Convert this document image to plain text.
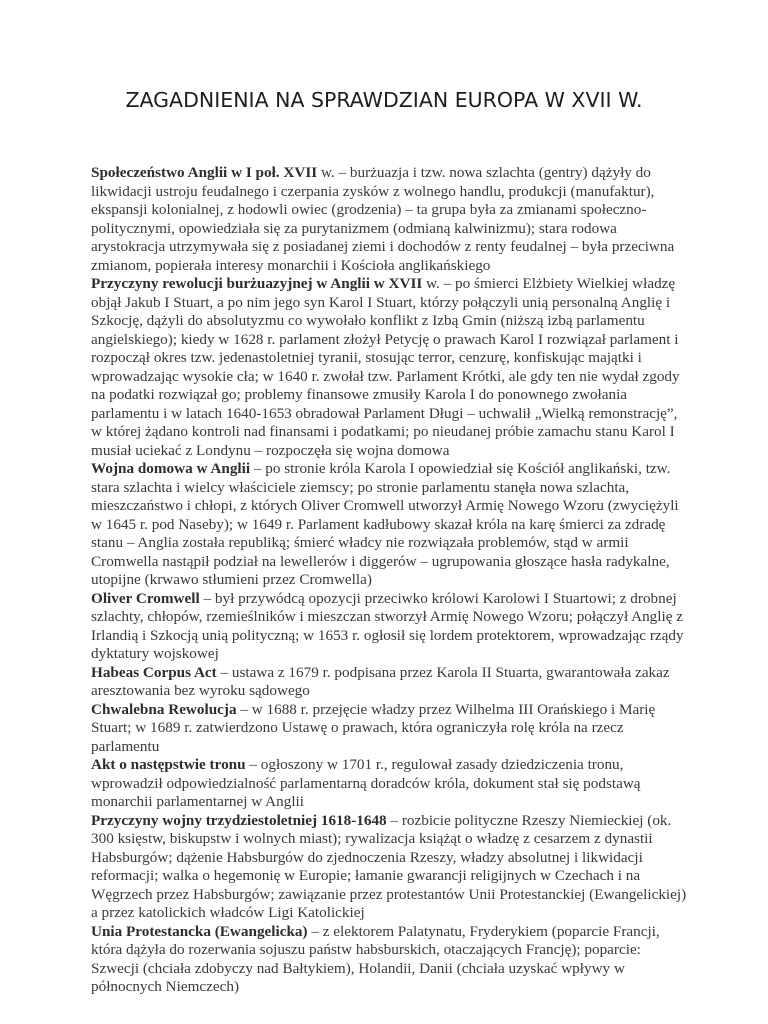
ZAGADNIENIA NA SPRAWDZIAN EUROPA W XVII W.

Społeczeństwo Anglii w I poł. XVII w. – burżuazja i tzw. nowa szlachta (gentry) dążyły do likwidacji ustroju feudalnego i czerpania zysków z wolnego handlu, produkcji (manufaktur), ekspansji kolonialnej, z hodowli owiec (grodzenia) – ta grupa była za zmianami społeczno-politycznymi, opowiedziała się za purytanizmem (odmianą kalwinizmu); stara rodowa arystokracja utrzymywała się z posiadanej ziemi i dochodów z renty feudalnej – była przeciwna zmianom, popierała interesy monarchii i Kościoła anglikańskiego

Przyczyny rewolucji burżuazyjnej w Anglii w XVII w. – po śmierci Elżbiety Wielkiej władzę objął Jakub I Stuart, a po nim jego syn Karol I Stuart, którzy połączyli unią personalną Anglię i Szkocję, dążyli do absolutyzmu co wywołało konflikt z Izbą Gmin (niższą izbą parlamentu angielskiego); kiedy w 1628 r. parlament złożył Petycję o prawach Karol I rozwiązał parlament i rozpoczął okres tzw. jedenastoletniej tyranii, stosując terror, cenzurę, konfiskując majątki i wprowadzając wysokie cła; w 1640 r. zwołał tzw. Parlament Krótki, ale gdy ten nie wydał zgody na podatki rozwiązał go; problemy finansowe zmusiły Karola I do ponownego zwołania parlamentu i w latach 1640-1653 obradował Parlament Długi – uchwalił „Wielką remonstrację”, w której żądano kontroli nad finansami i podatkami; po nieudanej próbie zamachu stanu Karol I musiał uciekać z Londynu – rozpoczęła się wojna domowa

Wojna domowa w Anglii – po stronie króla Karola I opowiedział się Kościół anglikański, tzw. stara szlachta i wielcy właściciele ziemscy; po stronie parlamentu stanęła nowa szlachta, mieszczaństwo i chłopi, z których Oliver Cromwell utworzył Armię Nowego Wzoru (zwyciężyli w 1645 r. pod Naseby); w 1649 r. Parlament kadłubowy skazał króla na karę śmierci za zdradę stanu – Anglia została republiką; śmierć władcy nie rozwiązała problemów, stąd w armii Cromwella nastąpił podział na lewellerów i diggerów – ugrupowania głoszące hasła radykalne, utopijne (krwawo stłumieni przez Cromwella)

Oliver Cromwell – był przywódcą opozycji przeciwko królowi Karolowi I Stuartowi; z drobnej szlachty, chłopów, rzemieślników i mieszczan stworzył Armię Nowego Wzoru; połączył Anglię z Irlandią i Szkocją unią polityczną; w 1653 r. ogłosił się lordem protektorem, wprowadzając rządy dyktatury wojskowej

Habeas Corpus Act – ustawa z 1679 r. podpisana przez Karola II Stuarta, gwarantowała zakaz aresztowania bez wyroku sądowego

Chwalebna Rewolucja – w 1688 r. przejęcie władzy przez Wilhelma III Orańskiego i Marię Stuart; w 1689 r. zatwierdzono Ustawę o prawach, która ograniczyła rolę króla na rzecz parlamentu

Akt o następstwie tronu – ogłoszony w 1701 r., regulował zasady dziedziczenia tronu, wprowadził odpowiedzialność parlamentarną doradców króla, dokument stał się podstawą monarchii parlamentarnej w Anglii

Przyczyny wojny trzydziestoletniej 1618-1648 – rozbicie polityczne Rzeszy Niemieckiej (ok. 300 księstw, biskupstw i wolnych miast); rywalizacja książąt o władzę z cesarzem z dynastii Habsburgów; dążenie Habsburgów do zjednoczenia Rzeszy, władzy absolutnej i likwidacji reformacji; walka o hegemonię w Europie; łamanie gwarancji religijnych w Czechach i na Węgrzech przez Habsburgów; zawiązanie przez protestantów Unii Protestanckiej (Ewangelickiej) a przez katolickich władców Ligi Katolickiej

Unia Protestancka (Ewangelicka) – z elektorem Palatynatu, Fryderykiem (poparcie Francji, która dążyła do rozerwania sojuszu państw habsburskich, otaczających Francję); poparcie: Szwecji (chciała zdobyczy nad Bałtykiem), Holandii, Danii (chciała uzyskać wpływy w północnych Niemczech)
